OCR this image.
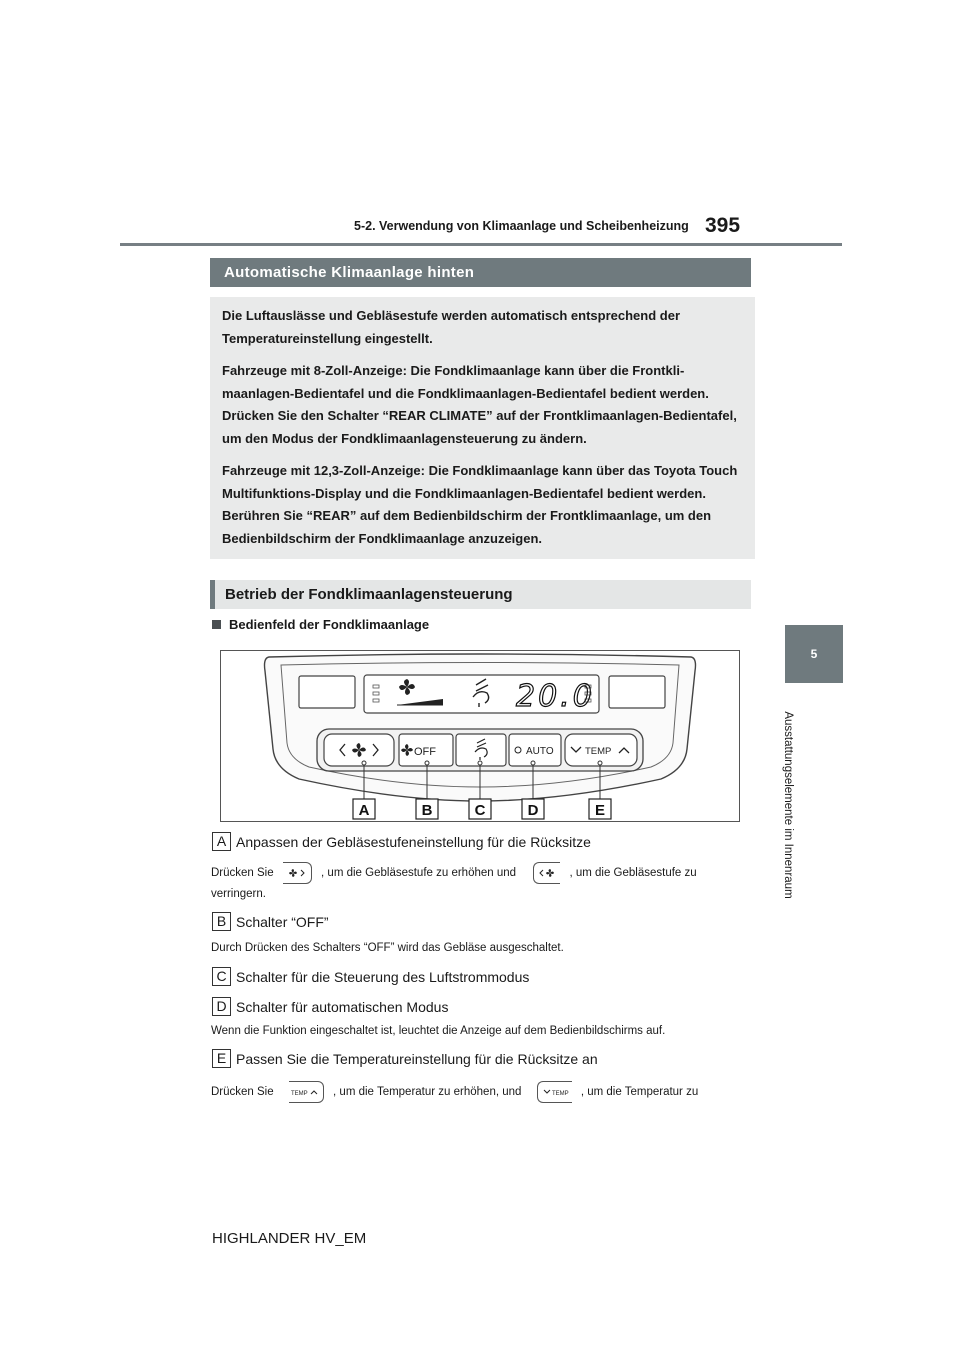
5-2. Verwendung von Klimaanlage und Scheibenheizung 395
5
Ausstattungselemente im Innenraum
Automatische Klimaanlage hinten

Die Luftauslässe und Gebläsestufe werden automatisch entsprechend der Temperatureinstellung eingestellt.

Fahrzeuge mit 8-Zoll-Anzeige: Die Fondklimaanlage kann über die Frontklimaanlagen-Bedientafel und die Fondklimaanlagen-Bedientafel bedient werden. Drücken Sie den Schalter “REAR CLIMATE” auf der Frontklimaanlagen-Bedientafel, um den Modus der Fondklimaanlagensteuerung zu ändern.

Fahrzeuge mit 12,3-Zoll-Anzeige: Die Fondklimaanlage kann über das Toyota Touch Multifunktions-Display und die Fondklimaanlagen-Bedientafel bedient werden. Berühren Sie “REAR” auf dem Bedienbildschirm der Frontklimaanlage, um den Bedienbildschirm der Fondklimaanlage anzuzeigen.

Betrieb der Fondklimaanlagensteuerung
Bedienfeld der Fondklimaanlage
20.0
OFF	AUTO	TEMP
A	B	C	D	E
A Anpassen der Gebläsestufeneinstellung für die Rücksitze
Drücken Sie	, um die Gebläsestufe zu erhöhen und	, um die Gebläsestufe zu
verringern.
B Schalter “OFF”
Durch Drücken des Schalters “OFF” wird das Gebläse ausgeschaltet.
C Schalter für die Steuerung des Luftstrommodus
D Schalter für automatischen Modus
Wenn die Funktion eingeschaltet ist, leuchtet die Anzeige auf dem Bedienbildschirms auf.
E Passen Sie die Temperatureinstellung für die Rücksitze an
Drücken Sie	TEMP , um die Temperatur zu erhöhen, und	TEMP , um die Temperatur zu
HIGHLANDER HV_EM
